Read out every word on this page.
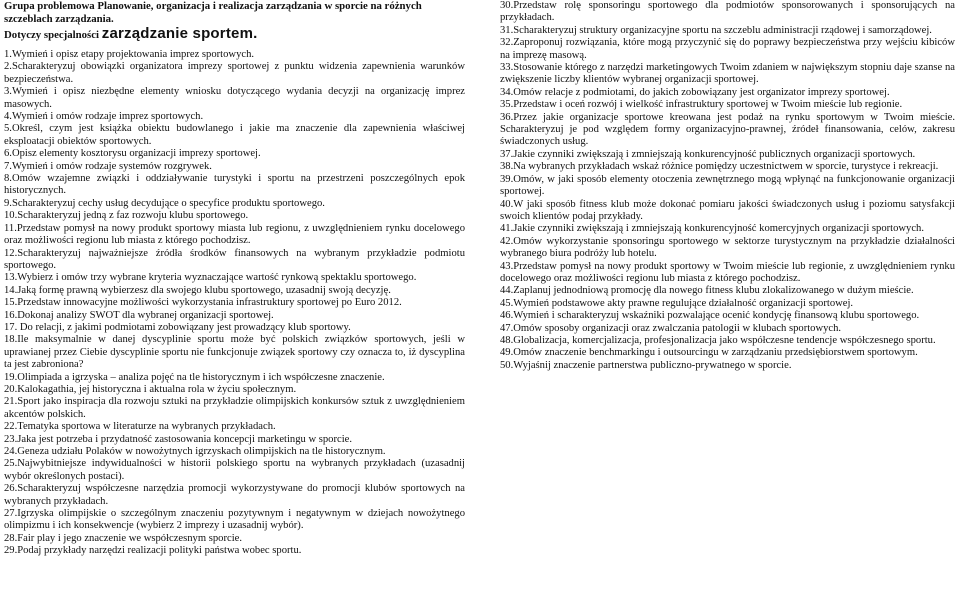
Grupa problemowa Planowanie, organizacja i realizacja zarządzania w sporcie na różnych szczeblach zarządzania.

Dotyczy specjalności zarządzanie sportem.

1.Wymień i opisz etapy projektowania imprez sportowych.

2.Scharakteryzuj obowiązki organizatora imprezy sportowej z punktu widzenia zapewnienia warunków bezpieczeństwa.

3.Wymień i opisz niezbędne elementy wniosku dotyczącego wydania decyzji na organizację imprez masowych.

4.Wymień i omów rodzaje imprez sportowych.

5.Określ, czym jest książka obiektu budowlanego i jakie ma znaczenie dla zapewnienia właściwej eksploatacji obiektów sportowych.

6.Opisz elementy kosztorysu organizacji imprezy sportowej.

7.Wymień i omów rodzaje systemów rozgrywek.

8.Omów wzajemne związki i oddziaływanie turystyki i sportu na przestrzeni poszczególnych epok historycznych.

9.Scharakteryzuj cechy usług decydujące o specyfice produktu sportowego.

10.Scharakteryzuj jedną z faz rozwoju klubu sportowego.

11.Przedstaw pomysł na nowy produkt sportowy miasta lub regionu, z uwzględnieniem rynku docelowego oraz możliwości regionu lub miasta z którego pochodzisz.

12.Scharakteryzuj najważniejsze źródła środków finansowych na wybranym przykładzie podmiotu sportowego.

13.Wybierz i omów trzy wybrane kryteria wyznaczające wartość rynkową spektaklu sportowego.

14.Jaką formę prawną wybierzesz dla swojego klubu sportowego, uzasadnij swoją decyzję.

15.Przedstaw innowacyjne możliwości wykorzystania infrastruktury sportowej po Euro 2012.

16.Dokonaj analizy SWOT dla wybranej organizacji sportowej.

17. Do relacji, z jakimi podmiotami zobowiązany jest prowadzący klub sportowy.

18.Ile maksymalnie w danej dyscyplinie sportu może być polskich związków sportowych, jeśli w uprawianej przez Ciebie dyscyplinie sportu nie funkcjonuje związek sportowy czy oznacza to, iż dyscyplina ta jest zabroniona?

19.Olimpiada a igrzyska – analiza pojęć na tle historycznym i ich współczesne znaczenie.

20.Kalokagathia, jej historyczna i aktualna rola w życiu społecznym.

21.Sport jako inspiracja dla rozwoju sztuki na przykładzie olimpijskich konkursów sztuk z uwzględnieniem akcentów polskich.

22.Tematyka sportowa w literaturze na wybranych przykładach.

23.Jaka jest potrzeba i przydatność zastosowania koncepcji marketingu w sporcie.

24.Geneza udziału Polaków w nowożytnych igrzyskach olimpijskich na tle historycznym.

25.Najwybitniejsze indywidualności w historii polskiego sportu na wybranych przykładach (uzasadnij wybór określonych postaci).

26.Scharakteryzuj współczesne narzędzia promocji wykorzystywane do promocji klubów sportowych na wybranych przykładach.

27.Igrzyska olimpijskie o szczególnym znaczeniu pozytywnym i negatywnym w dziejach nowożytnego olimpizmu i ich konsekwencje (wybierz 2 imprezy i uzasadnij wybór).

28.Fair play i jego znaczenie we współczesnym sporcie.

29.Podaj przykłady narzędzi realizacji polityki państwa wobec sportu.

30.Przedstaw rolę sponsoringu sportowego dla podmiotów sponsorowanych i sponsorujących na przykładach.

31.Scharakteryzuj struktury organizacyjne sportu na szczeblu administracji rządowej i samorządowej.

32.Zaproponuj rozwiązania, które mogą przyczynić się do poprawy bezpieczeństwa przy wejściu kibiców na imprezę masową.

33.Stosowanie którego z narzędzi marketingowych Twoim zdaniem w największym stopniu daje szanse na zwiększenie liczby klientów wybranej organizacji sportowej.

34.Omów relacje z podmiotami, do jakich zobowiązany jest organizator imprezy sportowej.

35.Przedstaw i oceń rozwój i wielkość infrastruktury sportowej w Twoim mieście lub regionie.

36.Przez jakie organizacje sportowe kreowana jest podaż na rynku sportowym w Twoim mieście. Scharakteryzuj je pod względem formy organizacyjno-prawnej, źródeł finansowania, celów, zakresu świadczonych usług.

37.Jakie czynniki zwiększają i zmniejszają konkurencyjność publicznych organizacji sportowych.

38.Na wybranych przykładach wskaż różnice pomiędzy uczestnictwem w sporcie, turystyce i rekreacji.

39.Omów, w jaki sposób elementy otoczenia zewnętrznego mogą wpłynąć na funkcjonowanie organizacji sportowej.

40.W jaki sposób fitness klub może dokonać pomiaru jakości świadczonych usług i poziomu satysfakcji swoich klientów podaj przykłady.

41.Jakie czynniki zwiększają i zmniejszają konkurencyjność komercyjnych organizacji sportowych.

42.Omów wykorzystanie sponsoringu sportowego w sektorze turystycznym na przykładzie działalności wybranego biura podróży lub hotelu.

43.Przedstaw pomysł na nowy produkt sportowy w Twoim mieście lub regionie, z uwzględnieniem rynku docelowego oraz możliwości regionu lub miasta z którego pochodzisz.

44.Zaplanuj jednodniową promocję dla nowego fitness klubu zlokalizowanego w dużym mieście.

45.Wymień podstawowe akty prawne regulujące działalność organizacji sportowej.

46.Wymień i scharakteryzuj wskaźniki pozwalające ocenić kondycję finansową klubu sportowego.

47.Omów sposoby organizacji oraz zwalczania patologii w klubach sportowych.

48.Globalizacja, komercjalizacja, profesjonalizacja jako współczesne tendencje współczesnego sportu.

49.Omów znaczenie benchmarkingu i outsourcingu w zarządzaniu przedsiębiorstwem sportowym.

50.Wyjaśnij znaczenie partnerstwa publiczno-prywatnego w sporcie.
